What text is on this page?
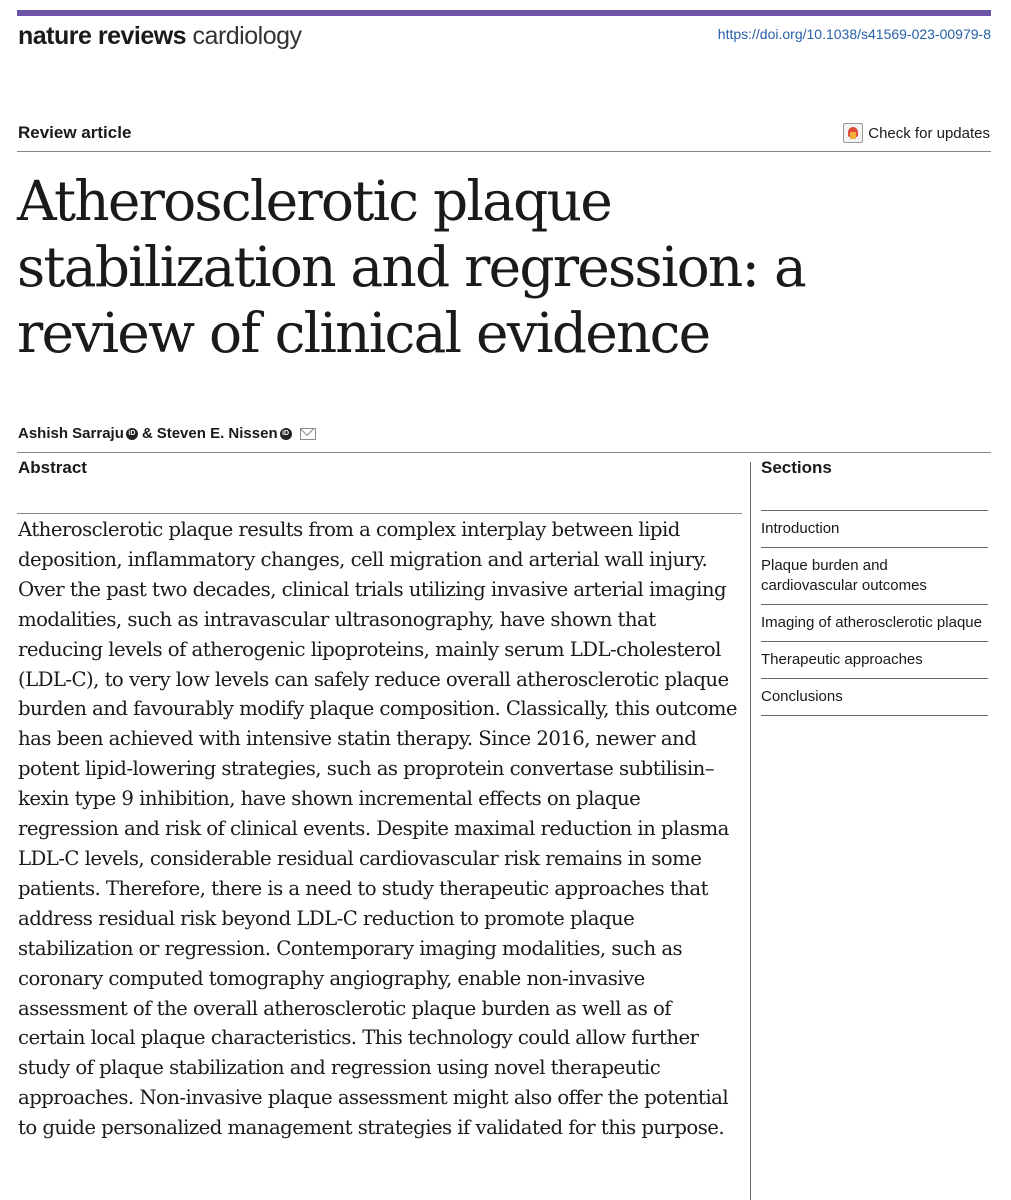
nature reviews cardiology	https://doi.org/10.1038/s41569-023-00979-8
Review article	Check for updates
Atherosclerotic plaque stabilization and regression: a review of clinical evidence
Ashish Sarraju iD & Steven E. Nissen iD
Abstract

Atherosclerotic plaque results from a complex interplay between lipid deposition, inflammatory changes, cell migration and arterial wall injury. Over the past two decades, clinical trials utilizing invasive arterial imaging modalities, such as intravascular ultrasonography, have shown that reducing levels of atherogenic lipoproteins, mainly serum LDL-cholesterol (LDL-C), to very low levels can safely reduce overall atherosclerotic plaque burden and favourably modify plaque composition. Classically, this outcome has been achieved with intensive statin therapy. Since 2016, newer and potent lipid-lowering strategies, such as proprotein convertase subtilisin–kexin type 9 inhibition, have shown incremental effects on plaque regression and risk of clinical events. Despite maximal reduction in plasma LDL-C levels, considerable residual cardiovascular risk remains in some patients. Therefore, there is a need to study therapeutic approaches that address residual risk beyond LDL-C reduction to promote plaque stabilization or regression. Contemporary imaging modalities, such as coronary computed tomography angiography, enable non-invasive assessment of the overall atherosclerotic plaque burden as well as of certain local plaque characteristics. This technology could allow further study of plaque stabilization and regression using novel therapeutic approaches. Non-invasive plaque assessment might also offer the potential to guide personalized management strategies if validated for this purpose.

Sections
Introduction
Plaque burden and cardiovascular outcomes
Imaging of atherosclerotic plaque
Therapeutic approaches
Conclusions
